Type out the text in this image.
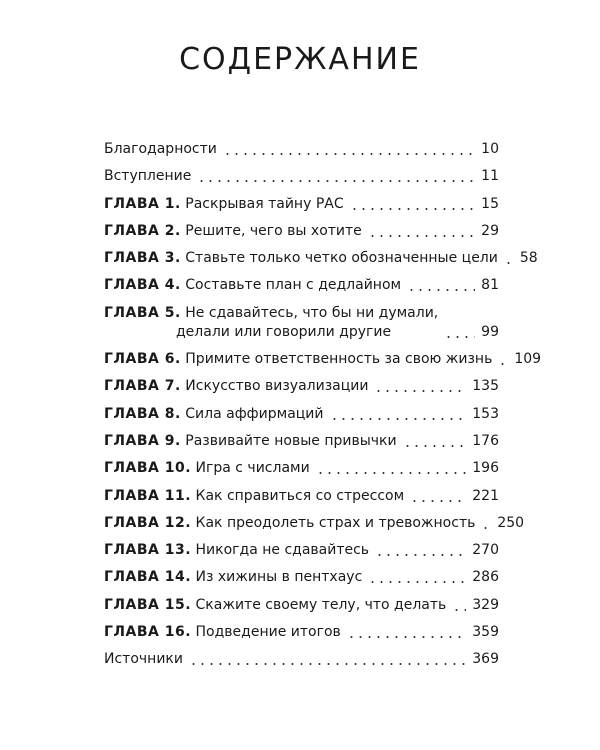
СОДЕРЖАНИЕ
Благодарности	10
Вступление	11
ГЛАВА 1. Раскрывая тайну РАС	15
ГЛАВА 2. Решите, чего вы хотите	29
ГЛАВА 3. Ставьте только четко обозначенные цели 58
ГЛАВА 4. Составьте план с дедлайном	81
ГЛАВА 5. Не сдавайтесь, что бы ни думали,
делали или говорили другие	99
ГЛАВА 6. Примите ответственность за свою жизнь 109
ГЛАВА 7. Искусство визуализации	135
ГЛАВА 8. Сила аффирмаций	153
ГЛАВА 9. Развивайте новые привычки	176
ГЛАВА 10. Игра с числами	196
ГЛАВА 11. Как справиться со стрессом	221
ГЛАВА 12. Как преодолеть страх и тревожность 250
ГЛАВА 13. Никогда не сдавайтесь	270
ГЛАВА 14. Из хижины в пентхаус	286
ГЛАВА 15. Скажите своему телу, что делать 329
ГЛАВА 16. Подведение итогов	359
Источники	369
